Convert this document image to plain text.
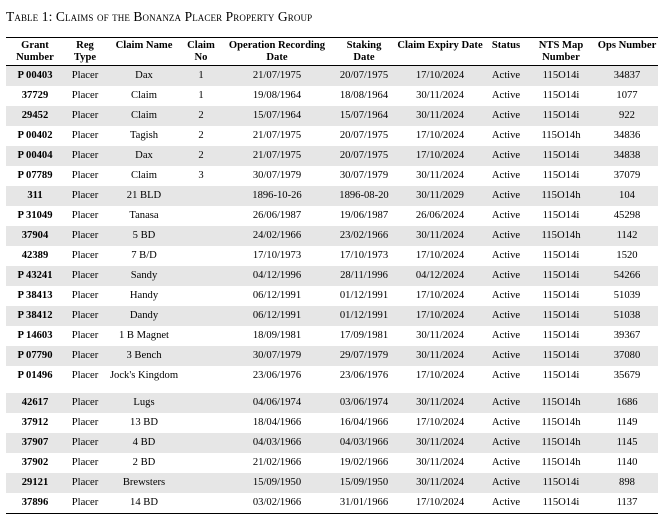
Table 1: Claims of the Bonanza Placer Property Group
Grant Number	Reg Type	Claim Name	Claim No	Operation Recording Date	Staking Date	Claim Expiry Date	Status	NTS Map Number	Ops Number
P 00403	Placer	Dax	1	21/07/1975	20/07/1975	17/10/2024	Active	115O14i	34837
37729	Placer	Claim	1	19/08/1964	18/08/1964	30/11/2024	Active	115O14i	1077
29452	Placer	Claim	2	15/07/1964	15/07/1964	30/11/2024	Active	115O14i	922
P 00402	Placer	Tagish	2	21/07/1975	20/07/1975	17/10/2024	Active	115O14h	34836
P 00404	Placer	Dax	2	21/07/1975	20/07/1975	17/10/2024	Active	115O14i	34838
P 07789	Placer	Claim	3	30/07/1979	30/07/1979	30/11/2024	Active	115O14i	37079
311	Placer	21 BLD		1896-10-26	1896-08-20	30/11/2029	Active	115O14h	104
P 31049	Placer	Tanasa		26/06/1987	19/06/1987	26/06/2024	Active	115O14i	45298
37904	Placer	5 BD		24/02/1966	23/02/1966	30/11/2024	Active	115O14h	1142
42389	Placer	7 B/D		17/10/1973	17/10/1973	17/10/2024	Active	115O14i	1520
P 43241	Placer	Sandy		04/12/1996	28/11/1996	04/12/2024	Active	115O14i	54266
P 38413	Placer	Handy		06/12/1991	01/12/1991	17/10/2024	Active	115O14i	51039
P 38412	Placer	Dandy		06/12/1991	01/12/1991	17/10/2024	Active	115O14i	51038
P 14603	Placer	1 B Magnet		18/09/1981	17/09/1981	30/11/2024	Active	115O14i	39367
P 07790	Placer	3 Bench		30/07/1979	29/07/1979	30/11/2024	Active	115O14i	37080
P 01496	Placer	Jock's Kingdom		23/06/1976	23/06/1976	17/10/2024	Active	115O14i	35679
42617	Placer	Lugs		04/06/1974	03/06/1974	30/11/2024	Active	115O14h	1686
37912	Placer	13 BD		18/04/1966	16/04/1966	17/10/2024	Active	115O14h	1149
37907	Placer	4 BD		04/03/1966	04/03/1966	30/11/2024	Active	115O14h	1145
37902	Placer	2 BD		21/02/1966	19/02/1966	30/11/2024	Active	115O14h	1140
29121	Placer	Brewsters		15/09/1950	15/09/1950	30/11/2024	Active	115O14i	898
37896	Placer	14 BD		03/02/1966	31/01/1966	17/10/2024	Active	115O14i	1137
